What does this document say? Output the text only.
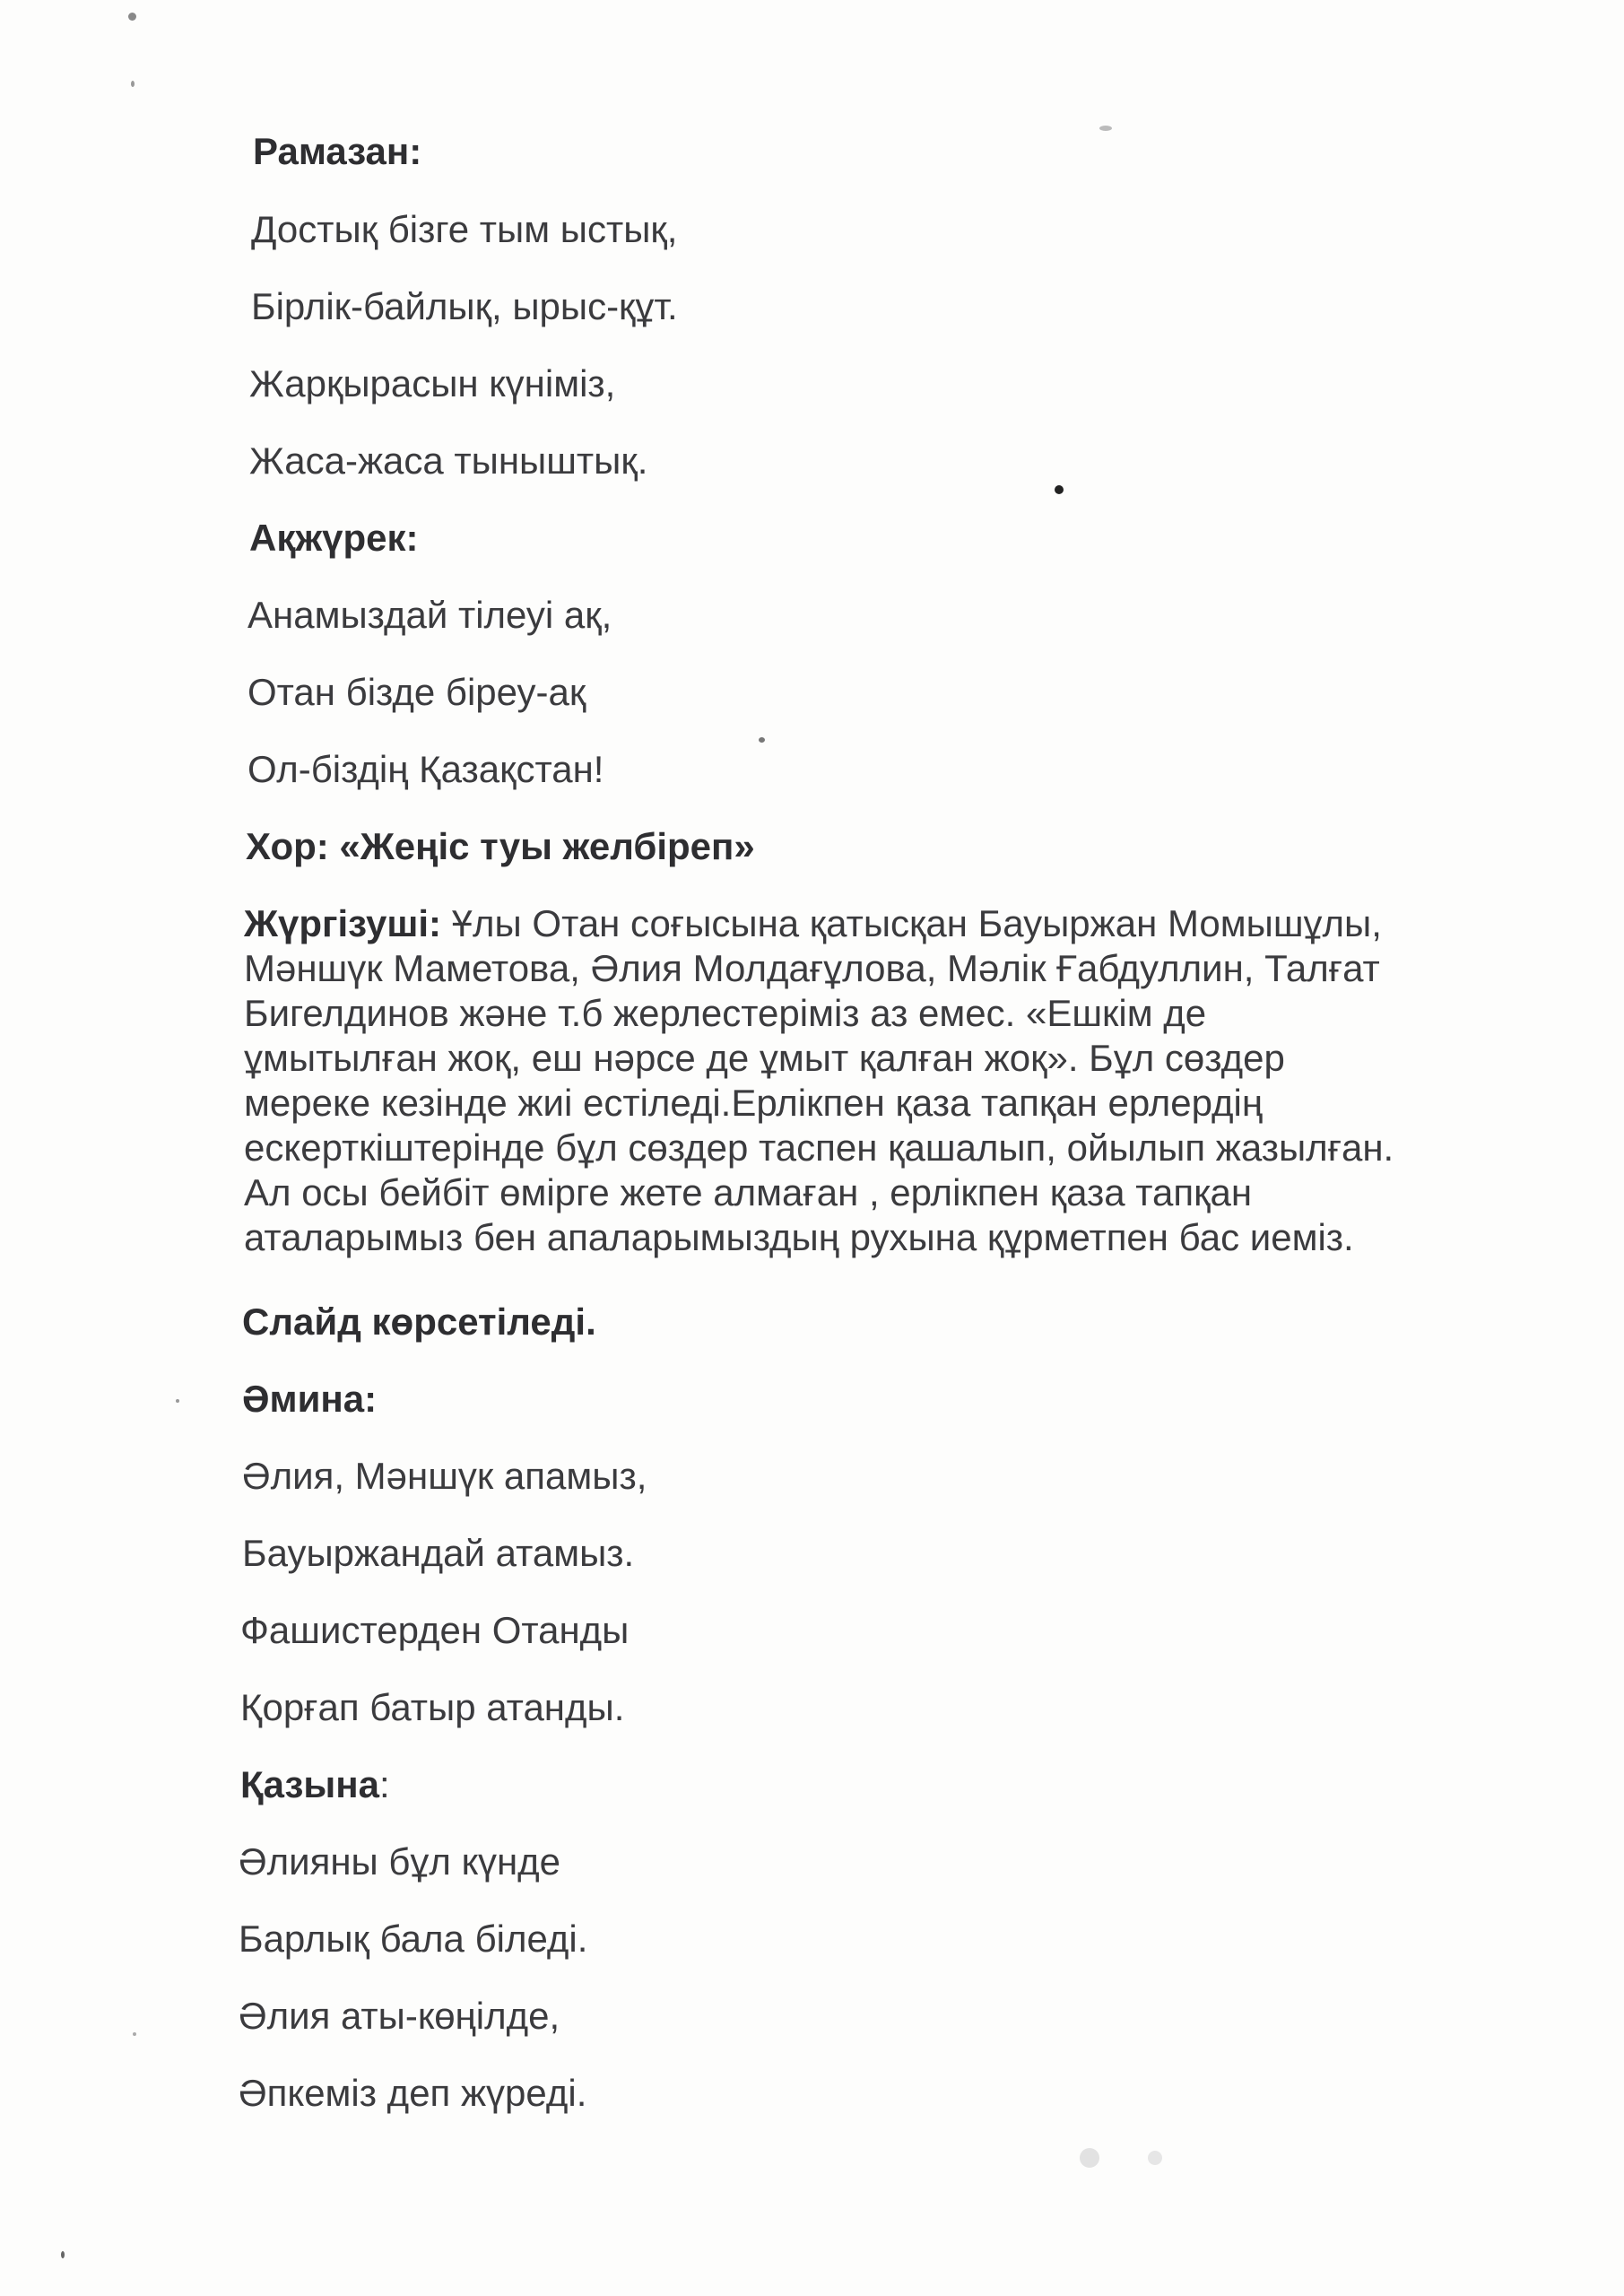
Рамазан:
Достық бізге тым ыстық,
Бірлік-байлық, ырыс-құт.
Жарқырасын күніміз,
Жаса-жаса тыныштық.
Ақжүрек:
Анамыздай тілеуі ақ,
Отан бізде біреу-ақ
Ол-біздің Қазақстан!
Хор: «Жеңіс туы желбіреп»
Жүргізуші: Ұлы Отан соғысына қатысқан Бауыржан Момышұлы,
Мәншүк Маметова, Әлия Молдағұлова, Мәлік Ғабдуллин, Талғат
Бигелдинов және т.б жерлестеріміз аз емес. «Ешкім де
ұмытылған жоқ, еш нәрсе де ұмыт қалған жоқ». Бұл сөздер
мереке кезінде жиі естіледі.Ерлікпен қаза тапқан ерлердің
ескерткіштерінде бұл сөздер таспен қашалып, ойылып жазылған.
Ал осы бейбіт өмірге жете алмаған , ерлікпен қаза тапқан
аталарымыз бен апаларымыздың рухына құрметпен бас иеміз.
Слайд көрсетіледі.
Әмина:
Әлия, Мәншүк апамыз,
Бауыржандай атамыз.
Фашистерден Отанды
Қорғап батыр атанды.
Қазына:
Әлияны бұл күнде
Барлық бала біледі.
Әлия аты-көңілде,
Әпкеміз деп жүреді.
